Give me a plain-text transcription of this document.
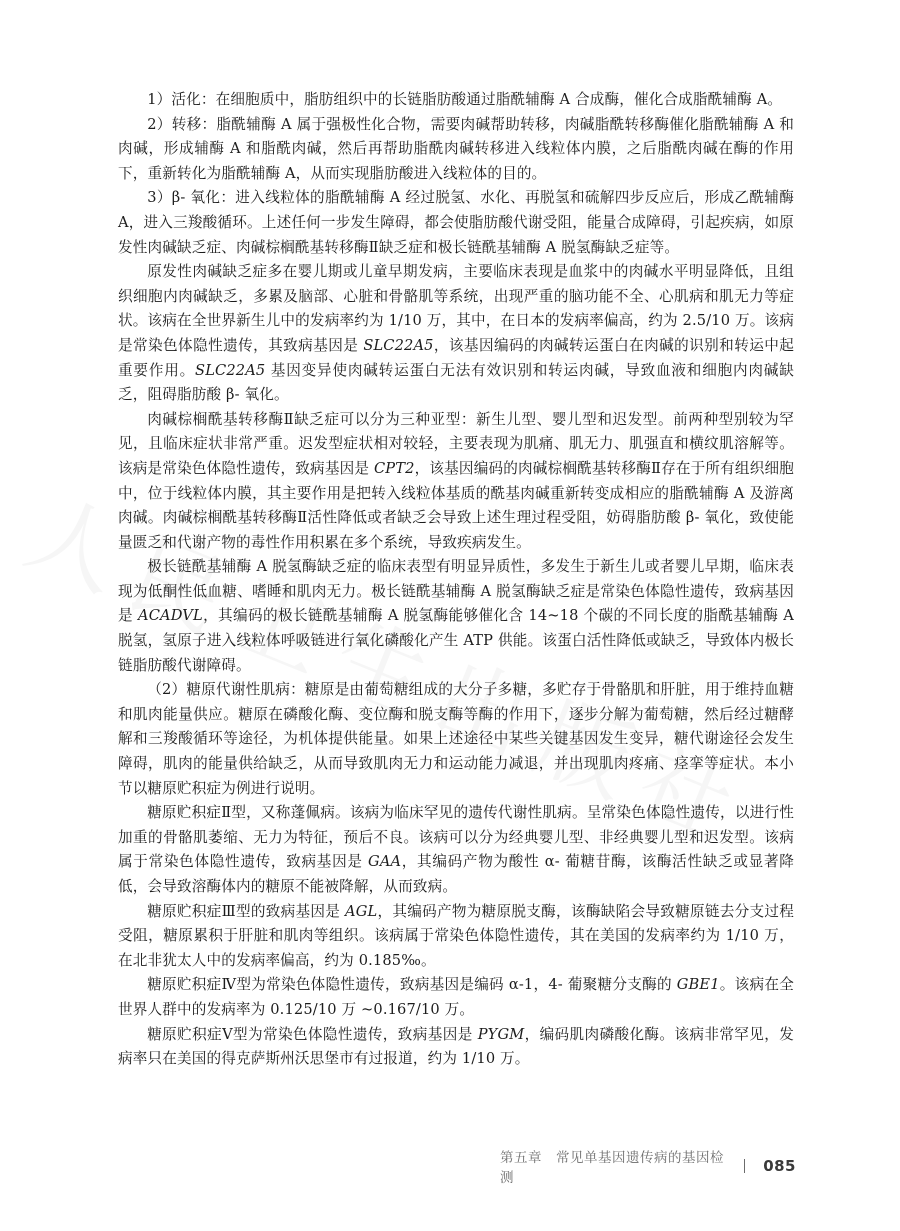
1）活化：在细胞质中，脂肪组织中的长链脂肪酸通过脂酰辅酶 A 合成酶，催化合成脂酰辅酶 A。

2）转移：脂酰辅酶 A 属于强极性化合物，需要肉碱帮助转移，肉碱脂酰转移酶催化脂酰辅酶 A 和肉碱，形成辅酶 A 和脂酰肉碱，然后再帮助脂酰肉碱转移进入线粒体内膜，之后脂酰肉碱在酶的作用下，重新转化为脂酰辅酶 A，从而实现脂肪酸进入线粒体的目的。

3）β- 氧化：进入线粒体的脂酰辅酶 A 经过脱氢、水化、再脱氢和硫解四步反应后，形成乙酰辅酶 A，进入三羧酸循环。上述任何一步发生障碍，都会使脂肪酸代谢受阻，能量合成障碍，引起疾病，如原发性肉碱缺乏症、肉碱棕榈酰基转移酶Ⅱ缺乏症和极长链酰基辅酶 A 脱氢酶缺乏症等。

原发性肉碱缺乏症多在婴儿期或儿童早期发病，主要临床表现是血浆中的肉碱水平明显降低，且组织细胞内肉碱缺乏，多累及脑部、心脏和骨骼肌等系统，出现严重的脑功能不全、心肌病和肌无力等症状。该病在全世界新生儿中的发病率约为 1/10 万，其中，在日本的发病率偏高，约为 2.5/10 万。该病是常染色体隐性遗传，其致病基因是 SLC22A5，该基因编码的肉碱转运蛋白在肉碱的识别和转运中起重要作用。SLC22A5 基因变异使肉碱转运蛋白无法有效识别和转运肉碱，导致血液和细胞内肉碱缺乏，阻碍脂肪酸 β- 氧化。

肉碱棕榈酰基转移酶Ⅱ缺乏症可以分为三种亚型：新生儿型、婴儿型和迟发型。前两种型别较为罕见，且临床症状非常严重。迟发型症状相对较轻，主要表现为肌痛、肌无力、肌强直和横纹肌溶解等。该病是常染色体隐性遗传，致病基因是 CPT2，该基因编码的肉碱棕榈酰基转移酶Ⅱ存在于所有组织细胞中，位于线粒体内膜，其主要作用是把转入线粒体基质的酰基肉碱重新转变成相应的脂酰辅酶 A 及游离肉碱。肉碱棕榈酰基转移酶Ⅱ活性降低或者缺乏会导致上述生理过程受阻，妨碍脂肪酸 β- 氧化，致使能量匮乏和代谢产物的毒性作用积累在多个系统，导致疾病发生。

极长链酰基辅酶 A 脱氢酶缺乏症的临床表型有明显异质性，多发生于新生儿或者婴儿早期，临床表现为低酮性低血糖、嗜睡和肌肉无力。极长链酰基辅酶 A 脱氢酶缺乏症是常染色体隐性遗传，致病基因是 ACADVL，其编码的极长链酰基辅酶 A 脱氢酶能够催化含 14~18 个碳的不同长度的脂酰基辅酶 A 脱氢，氢原子进入线粒体呼吸链进行氧化磷酸化产生 ATP 供能。该蛋白活性降低或缺乏，导致体内极长链脂肪酸代谢障碍。

（2）糖原代谢性肌病：糖原是由葡萄糖组成的大分子多糖，多贮存于骨骼肌和肝脏，用于维持血糖和肌肉能量供应。糖原在磷酸化酶、变位酶和脱支酶等酶的作用下，逐步分解为葡萄糖，然后经过糖酵解和三羧酸循环等途径，为机体提供能量。如果上述途径中某些关键基因发生变异，糖代谢途径会发生障碍，肌肉的能量供给缺乏，从而导致肌肉无力和运动能力减退，并出现肌肉疼痛、痉挛等症状。本小节以糖原贮积症为例进行说明。

糖原贮积症Ⅱ型，又称蓬佩病。该病为临床罕见的遗传代谢性肌病。呈常染色体隐性遗传，以进行性加重的骨骼肌萎缩、无力为特征，预后不良。该病可以分为经典婴儿型、非经典婴儿型和迟发型。该病属于常染色体隐性遗传，致病基因是 GAA，其编码产物为酸性 α- 葡糖苷酶，该酶活性缺乏或显著降低，会导致溶酶体内的糖原不能被降解，从而致病。

糖原贮积症Ⅲ型的致病基因是 AGL，其编码产物为糖原脱支酶，该酶缺陷会导致糖原链去分支过程受阻，糖原累积于肝脏和肌肉等组织。该病属于常染色体隐性遗传，其在美国的发病率约为 1/10 万，在北非犹太人中的发病率偏高，约为 0.185‰。

糖原贮积症Ⅳ型为常染色体隐性遗传，致病基因是编码 α-1，4- 葡聚糖分支酶的 GBE1。该病在全世界人群中的发病率为 0.125/10 万 ~0.167/10 万。

糖原贮积症Ⅴ型为常染色体隐性遗传，致病基因是 PYGM，编码肌肉磷酸化酶。该病非常罕见，发病率只在美国的得克萨斯州沃思堡市有过报道，约为 1/10 万。

第五章　常见单基因遗传病的基因检测
085
